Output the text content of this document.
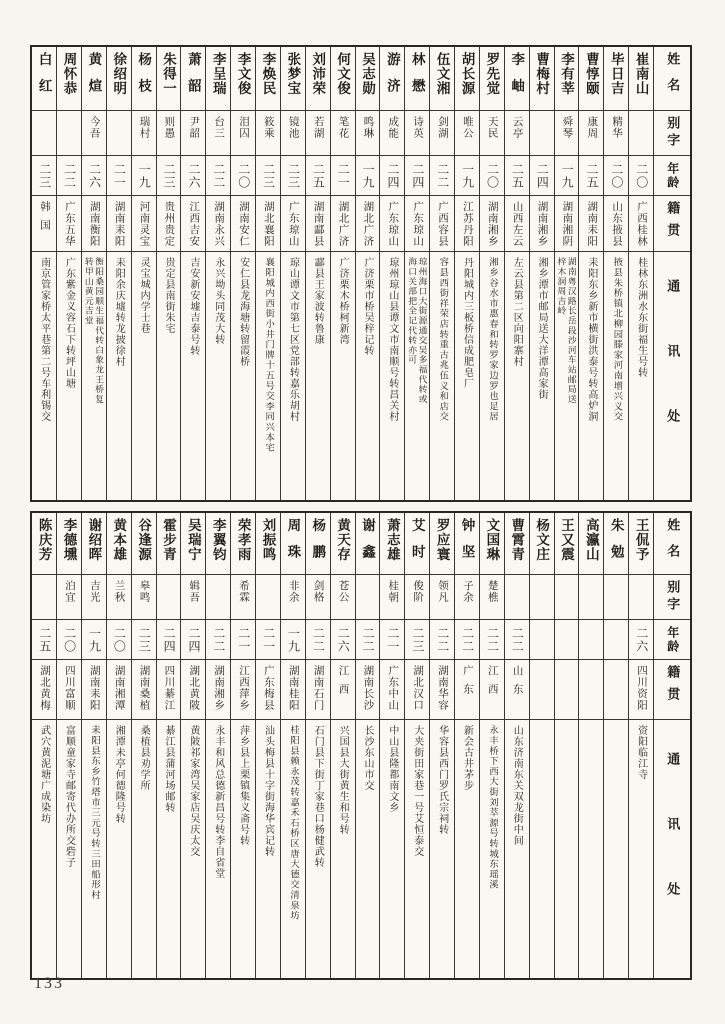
姓名
别字
年龄
籍贯
通讯处
崔南山
二〇
广西桂林
桂林东洲水东街福生号转
毕日吉
精华
二〇
山东掖县
掖县朱桥镇北柳园滕家河南增兴义交
曹惇颐
康周
二五
湖南耒阳
耒阳东乡新市横街洪泰号转高炉洞
李有莘
舜琴
一九
湖南湘阴
湖南粤汉路长岳段沙河车站邮局送梓木洞周吉岭
曹梅村
二四
湖南湘乡
湘乡潭市邮局送大洋潭高家街
李岫
云亭
二五
山西左云
左云县第二区向阳寨村
罗先觉
天民
二〇
湖南湘乡
湘乡谷水市惠春和转罗家边罗也足居
胡长源
唯公
一九
江苏丹阳
丹阳城内三板桥信成肥皂厂
伍文湘
剑湖
二二
广西容县
容县西街祥荣店转重古兆伍义和店交
林懋
诗英
二四
广东琼山
琼州海口大街源通交吴多福代转或海口关部把全记代转亦可
游济
成能
二四
广东琼山
琼州琼山县谭文市南顺号转昌关村
吴志勋
鸣琳
一九
湖北广济
广济栗市桥吴梓记转
何文俊
笔花
二一
湖北广济
广济栗木桥柯新湾
刘沛荣
若湖
二五
湖南酃县
酃县王家波转鲁康
张梦宝
镜池
二三
广东琼山
琼山谭文市第七区党部转嘉乐胡村
李焕民
筱乘
二三
湖北襄阳
襄阳城内西街小井门牌十五号交李同兴本宅
李文俊
泪囚
二〇
湖南安仁
安仁县龙海塘转留霞桥
李呈瑞
台三
二二
湖南永兴
永兴坳头同茂大转
萧韶
尹韶
二六
江西吉安
吉安新安墟吉泰号转
朱得一
则愚
二三
贵州贵定
贵定县南街朱宅
杨枝
瑞村
一九
河南灵宝
灵宝城内学士巷
徐绍明
二一
湖南耒阳
耒阳余庆墟转龙披徐村
黄煊
今吾
二六
湖南衡阳
衡阳桑园顺生福代转白象龙王桥复转甲山黄元吉堂
周怀恭
二二
广东五华
广东紫金义容石下转坪山塘
白红
二三
韩国
南京管家桥太平巷第二号车利锡交
姓名
别字
年龄
籍贯
通讯处
王侃予
二六
四川资阳
资阳临江寺
朱勉
高瀛山
王又震
杨文庄
曹霄青
二二
山东
山东济南东关双龙街中间
文国琳
楚樵
二二
江西
永丰桥下西大街刘萃源号转城东瑶溪
钟坚
子余
二二
广东
新会古井茅步
罗应寰
领凡
二二
湖南华容
华容县西门罗氏宗祠转
艾时
俊阶
二三
湖北汉口
大夹街田家巷一号艾恒泰交
萧志雄
桂朝
二一
广东中山
中山县隆都南文乡
谢鑫
二二
湖南长沙
长沙东山市交
黄天存
苍公
二六
江西
兴国县大街黄生和号转
杨鹏
剑格
二二
湖南石门
石门县下街丁家巷口杨健武转
周珠
非余
一九
湖南桂阳
桂阳县赖永茂转嘉禾石桥区唐大德交清泉坊
刘振鸣
二一
广东梅县
汕头梅县十字街海华宾记转
荣孝雨
希霖
二一
江西萍乡
萍乡县上栗镇集义斋号转
李翼钧
二二
湖南湘乡
永丰和风总德新昌号转李自省堂
吴瑞宁
辑吾
二四
湖北黄陂
黄陂祁家湾吴家店吴庆太交
霍步青
二四
四川綦江
綦江县蒲河场邮转
谷逢源
皋鸣
二三
湖南桑植
桑植县劝学所
黄本雄
兰秋
二〇
湖南湘潭
湘潭未亭何德隆号转
谢绍晖
吉光
一九
湖南耒阳
耒阳县东乡竹塔市三元号转三田船形村
李德壎
泊宜
二〇
四川富顺
富顺童家寺邮寄代办所交砦子
陈庆芳
二五
湖北黄梅
武穴黄泥塘广成染坊
133
